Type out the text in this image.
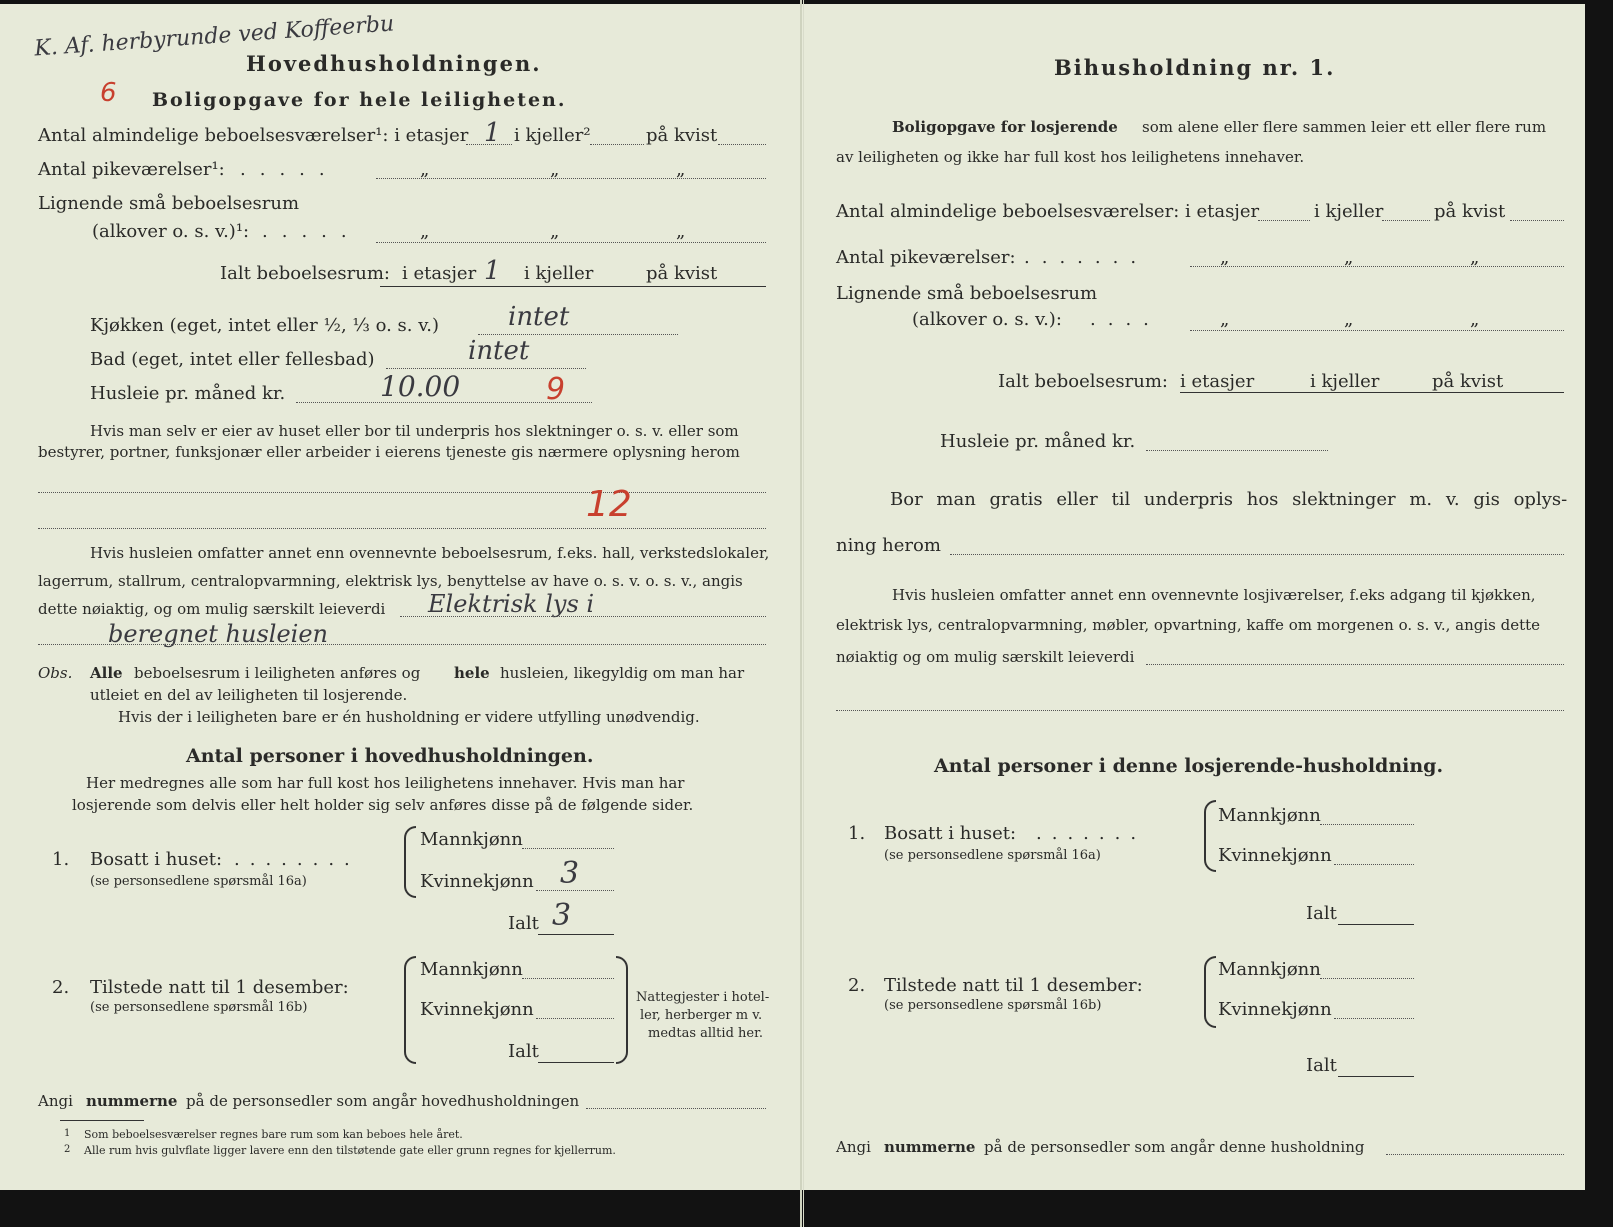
K. Af. herbyrunde ved Koffeerbu
6
Hovedhusholdningen.
Boligopgave for hele leiligheten.
Antal almindelige beboelsesværelser¹: i etasjer 1 i kjeller²	på kvist
Antal pikeværelser¹: .....	„	„	„
Lignende små beboelsesrum
(alkover o. s. v.)¹: .....	„	„	„
Ialt beboelsesrum: i etasjer 1 i kjeller	på kvist
Kjøkken (eget, intet eller ½, ⅓ o. s. v.)	intet
Bad (eget, intet eller fellesbad)	intet
Husleie pr. måned kr.	10.00	9
Hvis man selv er eier av huset eller bor til underpris hos slektninger o. s. v. eller som
bestyrer, portner, funksjonær eller arbeider i eierens tjeneste gis nærmere oplysning herom
12
Hvis husleien omfatter annet enn ovennevnte beboelsesrum, f.eks. hall, verkstedslokaler,
lagerrum, stallrum, centralopvarmning, elektrisk lys, benyttelse av have o. s. v. o. s. v., angis
dette nøiaktig, og om mulig særskilt leieverdi Elektrisk lys i
beregnet husleien
Obs. Alle beboelsesrum i leiligheten anføres og hele husleien, likegyldig om man har
utleiet en del av leiligheten til losjerende.
Hvis der i leiligheten bare er én husholdning er videre utfylling unødvendig.
Antal personer i hovedhusholdningen.
Her medregnes alle som har full kost hos leilighetens innehaver. Hvis man har
losjerende som delvis eller helt holder sig selv anføres disse på de følgende sider.
1. Bosatt i huset: ........
(se personsedlene spørsmål 16a)
Mannkjønn
Kvinnekjønn 3
Ialt 3
2. Tilstede natt til 1 desember:
(se personsedlene spørsmål 16b)
Mannkjønn
Kvinnekjønn
Ialt
Nattegjester i hotel-
ler, herberger m v.
medtas alltid her.
Angi nummerne på de personsedler som angår hovedhusholdningen
1 Som beboelsesværelser regnes bare rum som kan beboes hele året.
2 Alle rum hvis gulvflate ligger lavere enn den tilstøtende gate eller grunn regnes for kjellerrum.
Bihusholdning nr. 1.
Boligopgave for losjerende som alene eller flere sammen leier ett eller flere rum
av leiligheten og ikke har full kost hos leilighetens innehaver.
Antal almindelige beboelsesværelser: i etasjer	i kjeller	på kvist
Antal pikeværelser: .......	„	„	„
Lignende små beboelsesrum
(alkover o. s. v.): ....	„	„	„
Ialt beboelsesrum: i etasjer	i kjeller	på kvist
Husleie pr. måned kr.
Bor man gratis eller til underpris hos slektninger m. v. gis oplys-
ning herom
Hvis husleien omfatter annet enn ovennevnte losjiværelser, f.eks adgang til kjøkken,
elektrisk lys, centralopvarmning, møbler, opvartning, kaffe om morgenen o. s. v., angis dette
nøiaktig og om mulig særskilt leieverdi
Antal personer i denne losjerende-husholdning.
1. Bosatt i huset: .......
(se personsedlene spørsmål 16a)
Mannkjønn
Kvinnekjønn
Ialt
2. Tilstede natt til 1 desember:
(se personsedlene spørsmål 16b)
Mannkjønn
Kvinnekjønn
Ialt
Angi nummerne på de personsedler som angår denne husholdning
